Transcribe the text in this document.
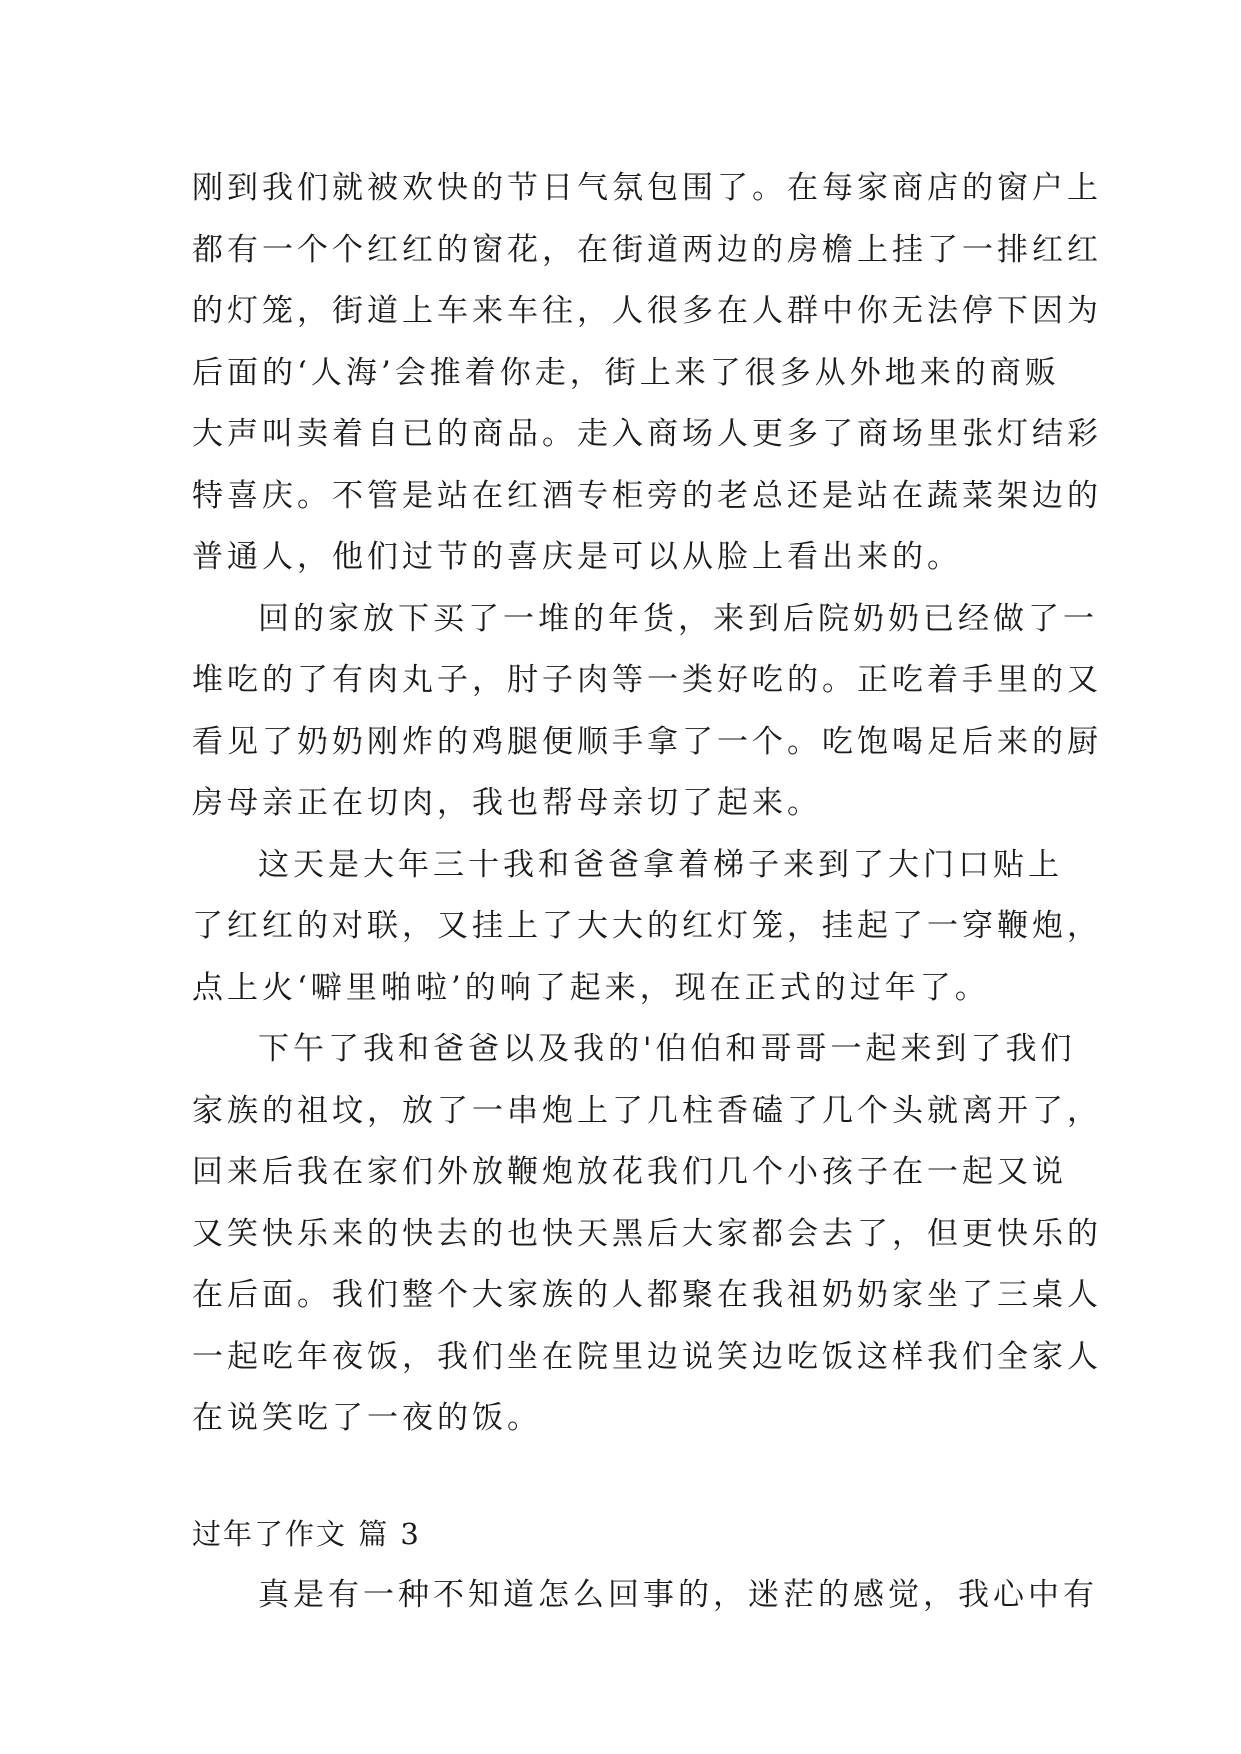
刚到我们就被欢快的节日气氛包围了。在每家商店的窗户上
都有一个个红红的窗花，在街道两边的房檐上挂了一排红红
的灯笼，街道上车来车往，人很多在人群中你无法停下因为
后面的‘人海’会推着你走，街上来了很多从外地来的商贩
大声叫卖着自已的商品。走入商场人更多了商场里张灯结彩
特喜庆。不管是站在红酒专柜旁的老总还是站在蔬菜架边的
普通人，他们过节的喜庆是可以从脸上看出来的。
回的家放下买了一堆的年货，来到后院奶奶已经做了一
堆吃的了有肉丸子，肘子肉等一类好吃的。正吃着手里的又
看见了奶奶刚炸的鸡腿便顺手拿了一个。吃饱喝足后来的厨
房母亲正在切肉，我也帮母亲切了起来。
这天是大年三十我和爸爸拿着梯子来到了大门口贴上
了红红的对联，又挂上了大大的红灯笼，挂起了一穿鞭炮，
点上火‘噼里啪啦’的响了起来，现在正式的过年了。
下午了我和爸爸以及我的'伯伯和哥哥一起来到了我们
家族的祖坟，放了一串炮上了几柱香磕了几个头就离开了，
回来后我在家们外放鞭炮放花我们几个小孩子在一起又说
又笑快乐来的快去的也快天黑后大家都会去了，但更快乐的
在后面。我们整个大家族的人都聚在我祖奶奶家坐了三桌人
一起吃年夜饭，我们坐在院里边说笑边吃饭这样我们全家人
在说笑吃了一夜的饭。
过年了作文 篇 3
真是有一种不知道怎么回事的，迷茫的感觉，我心中有
